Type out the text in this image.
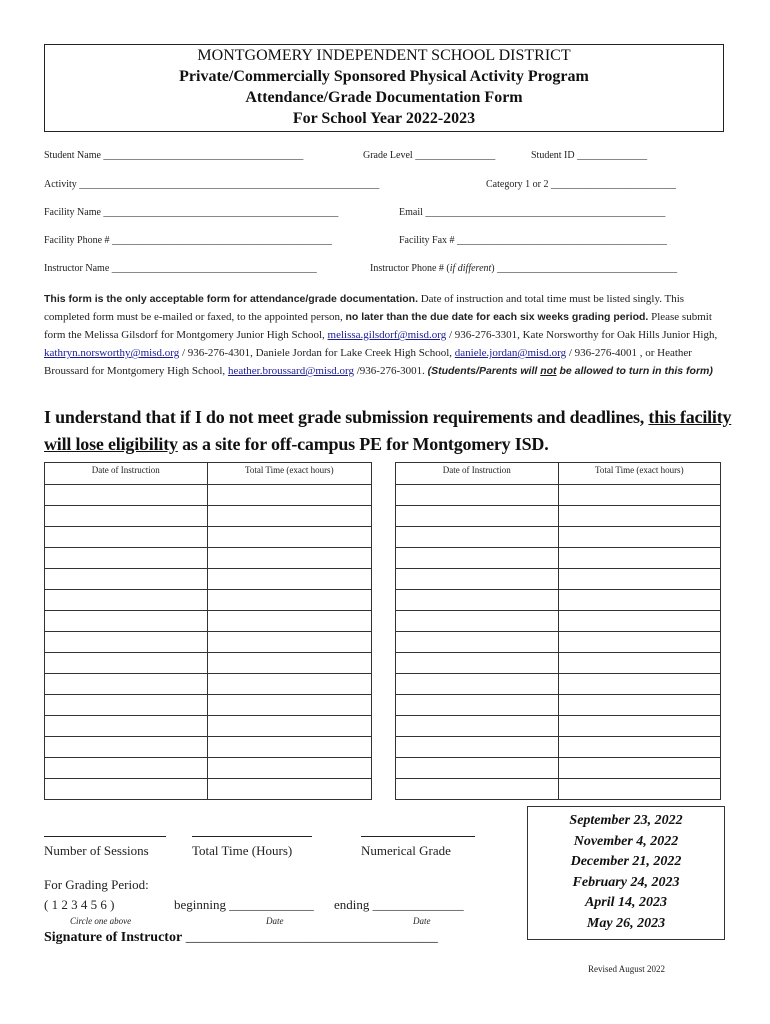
MONTGOMERY INDEPENDENT SCHOOL DISTRICT
Private/Commercially Sponsored Physical Activity Program
Attendance/Grade Documentation Form
For School Year 2022-2023
Student Name ________________________________________	Grade Level ________________	Student ID ______________
Activity ____________________________________________________________	Category 1 or 2 _________________________
Facility Name _______________________________________________	Email ________________________________________________
Facility Phone # ____________________________________________	Facility Fax # __________________________________________
Instructor Name _________________________________________	Instructor Phone # (if different) ____________________________________
This form is the only acceptable form for attendance/grade documentation. Date of instruction and total time must be listed singly. This completed form must be e-mailed or faxed, to the appointed person, no later than the due date for each six weeks grading period. Please submit form the Melissa Gilsdorf for Montgomery Junior High School, melissa.gilsdorf@misd.org / 936-276-3301, Kate Norsworthy for Oak Hills Junior High, kathryn.norsworthy@misd.org / 936-276-4301, Daniele Jordan for Lake Creek High School, daniele.jordan@misd.org / 936-276-4001 , or Heather Broussard for Montgomery High School, heather.broussard@misd.org /936-276-3001. (Students/Parents will not be allowed to turn in this form)
I understand that if I do not meet grade submission requirements and deadlines, this facility will lose eligibility as a site for off-campus PE for Montgomery ISD.
Date of Instruction	Total Time (exact hours)

		Date of Instruction	Total Time (exact hours)

Number of Sessions	Total Time (Hours)	Numerical Grade
For Grading Period:
( 1 2 3 4 5 6 )	beginning _____________ ending ______________
Circle one above	Date	Date
September 23, 2022
November 4, 2022
December 21, 2022
February 24, 2023
April 14, 2023
May 26, 2023
Signature of Instructor ____________________________________
Revised August 2022
